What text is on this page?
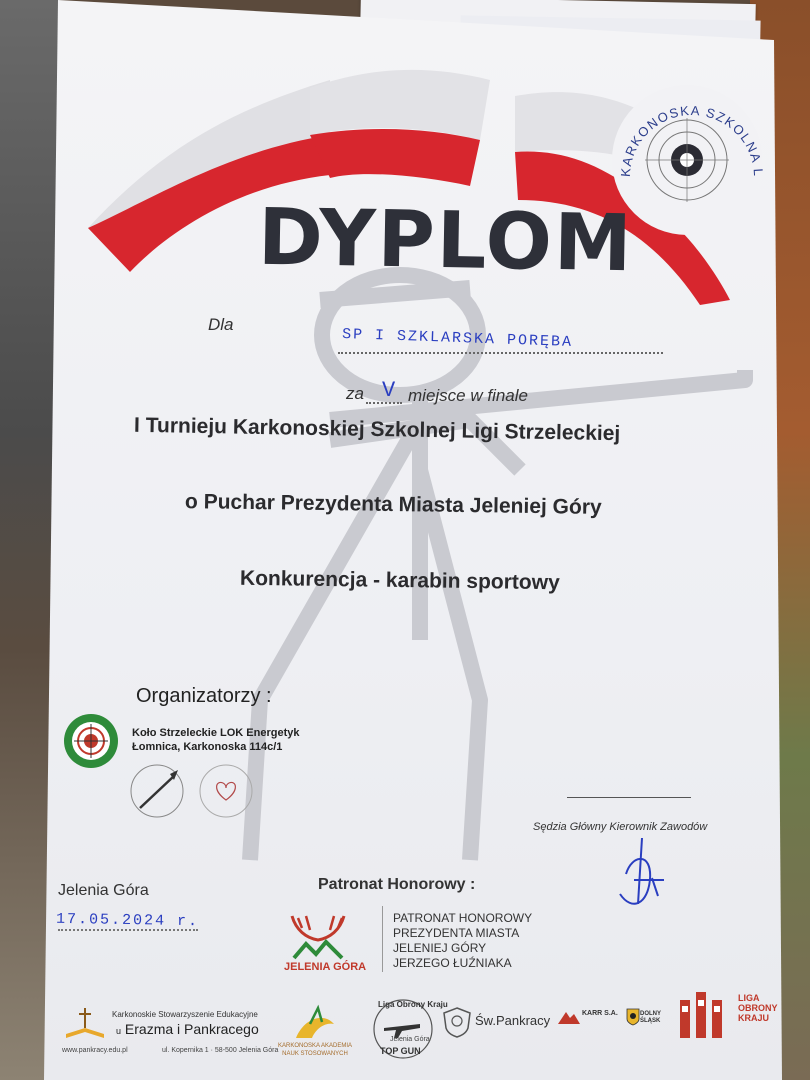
KARKONOSKA SZKOLNA L
DYPLOM
Dla
SP I SZKLARSKA PORĘBA
za V miejsce w finale
I Turnieju Karkonoskiej Szkolnej Ligi Strzeleckiej
o Puchar Prezydenta Miasta Jeleniej Góry
Konkurencja - karabin sportowy
Organizatorzy :
Koło Strzeleckie LOK Energetyk
Łomnica, Karkonoska 114c/1
Sędzia Główny Kierownik Zawodów
Jelenia Góra
17.05.2024 r.
Patronat Honorowy :
JELENIA GÓRA
PATRONAT HONOROWY
PREZYDENTA MIASTA
JELENIEJ GÓRY
JERZEGO ŁUŹNIAKA
Karkonoskie Stowarzyszenie Edukacyjne
u Erazma i Pankracego
www.pankracy.edu.pl	ul. Kopernika 1 · 58-500 Jelenia Góra
KARKONOSKA AKADEMIA NAUK STOSOWANYCH
Liga Obrony Kraju
Jelenia Góra
TOP GUN
Św.Pankracy	KARR S.A.	DOLNY
ŚLĄSK
LIGA
OBRONY
KRAJU
